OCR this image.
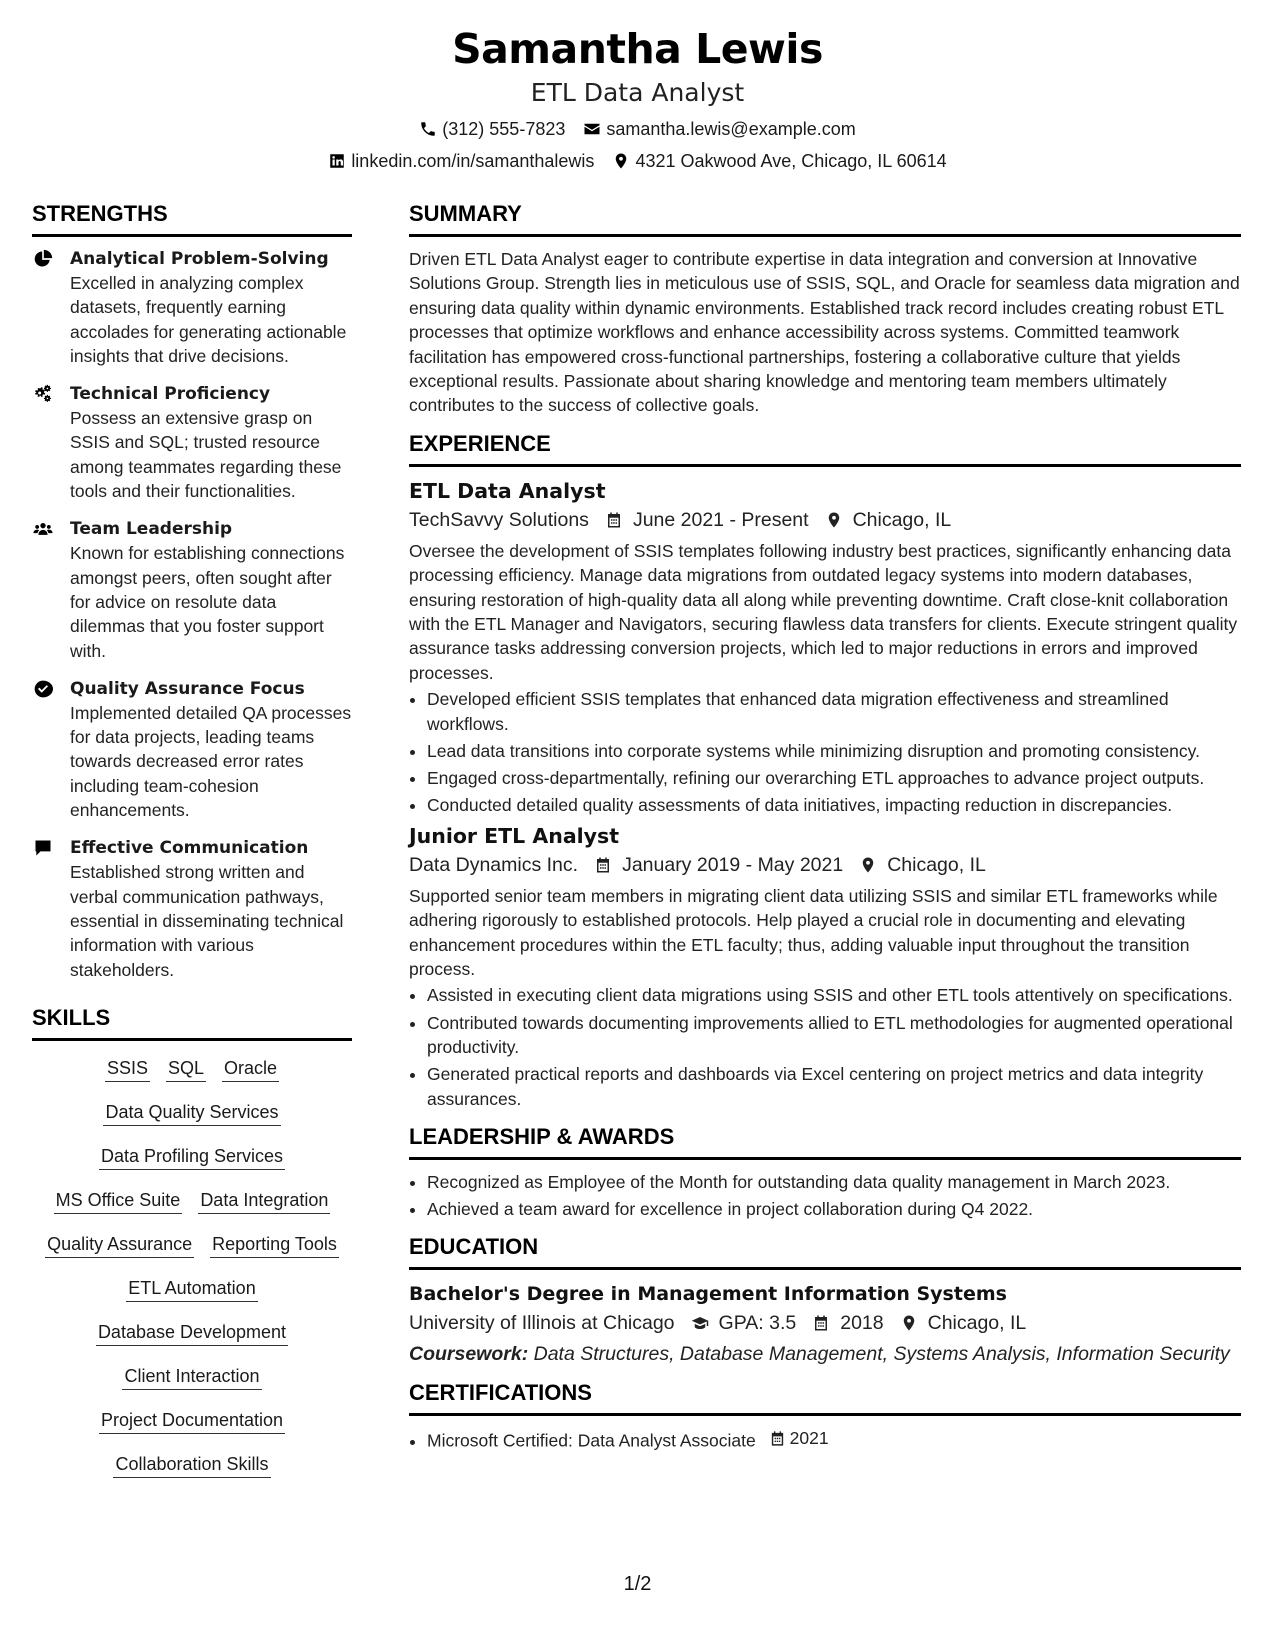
Samantha Lewis
ETL Data Analyst
(312) 555-7823 samantha.lewis@example.com
linkedin.com/in/samanthalewis 4321 Oakwood Ave, Chicago, IL 60614
STRENGTHS
Analytical Problem-Solving
Excelled in analyzing complex datasets, frequently earning accolades for generating actionable insights that drive decisions.
Technical Proficiency
Possess an extensive grasp on SSIS and SQL; trusted resource among teammates regarding these tools and their functionalities.
Team Leadership
Known for establishing connections amongst peers, often sought after for advice on resolute data dilemmas that you foster support with.
Quality Assurance Focus
Implemented detailed QA processes for data projects, leading teams towards decreased error rates including team-cohesion enhancements.
Effective Communication
Established strong written and verbal communication pathways, essential in disseminating technical information with various stakeholders.
SKILLS
SSIS SQL Oracle
Data Quality Services
Data Profiling Services
MS Office Suite Data Integration
Quality Assurance Reporting Tools
ETL Automation
Database Development
Client Interaction
Project Documentation
Collaboration Skills
SUMMARY

Driven ETL Data Analyst eager to contribute expertise in data integration and conversion at Innovative Solutions Group. Strength lies in meticulous use of SSIS, SQL, and Oracle for seamless data migration and ensuring data quality within dynamic environments. Established track record includes creating robust ETL processes that optimize workflows and enhance accessibility across systems. Committed teamwork facilitation has empowered cross-functional partnerships, fostering a collaborative culture that yields exceptional results. Passionate about sharing knowledge and mentoring team members ultimately contributes to the success of collective goals.

EXPERIENCE
ETL Data Analyst
TechSavvy Solutions June 2021 - Present Chicago, IL

Oversee the development of SSIS templates following industry best practices, significantly enhancing data processing efficiency. Manage data migrations from outdated legacy systems into modern databases, ensuring restoration of high-quality data all along while preventing downtime. Craft close-knit collaboration with the ETL Manager and Navigators, securing flawless data transfers for clients. Execute stringent quality assurance tasks addressing conversion projects, which led to major reductions in errors and improved processes.

• Developed efficient SSIS templates that enhanced data migration effectiveness and streamlined workflows.
• Lead data transitions into corporate systems while minimizing disruption and promoting consistency.
• Engaged cross-departmentally, refining our overarching ETL approaches to advance project outputs.
• Conducted detailed quality assessments of data initiatives, impacting reduction in discrepancies.
Junior ETL Analyst
Data Dynamics Inc. January 2019 - May 2021 Chicago, IL

Supported senior team members in migrating client data utilizing SSIS and similar ETL frameworks while adhering rigorously to established protocols. Help played a crucial role in documenting and elevating enhancement procedures within the ETL faculty; thus, adding valuable input throughout the transition process.

• Assisted in executing client data migrations using SSIS and other ETL tools attentively on specifications.
• Contributed towards documenting improvements allied to ETL methodologies for augmented operational productivity.
• Generated practical reports and dashboards via Excel centering on project metrics and data integrity assurances.
LEADERSHIP & AWARDS
• Recognized as Employee of the Month for outstanding data quality management in March 2023.
• Achieved a team award for excellence in project collaboration during Q4 2022.
EDUCATION
Bachelor's Degree in Management Information Systems
University of Illinois at Chicago GPA: 3.5 2018 Chicago, IL
Coursework: Data Structures, Database Management, Systems Analysis, Information Security
CERTIFICATIONS
• Microsoft Certified: Data Analyst Associate 2021
1/2
